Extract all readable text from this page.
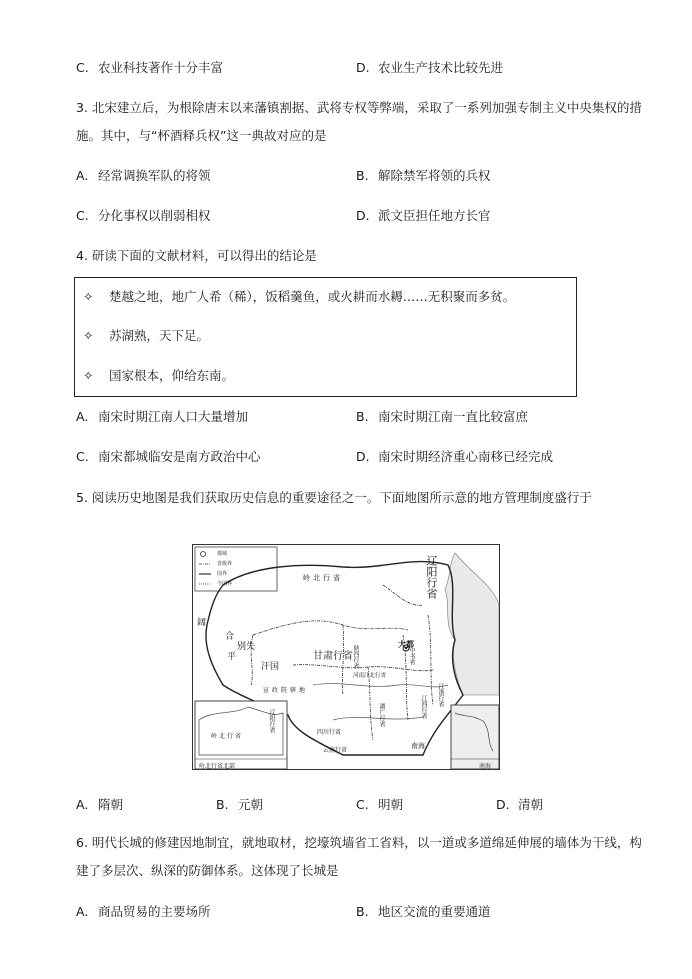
C. 农业科技著作十分丰富	D. 农业生产技术比较先进
3. 北宋建立后，为根除唐末以来藩镇割据、武将专权等弊端，采取了一系列加强专制主义中央集权的措施。其中，与“杯酒释兵权”这一典故对应的是
A. 经常调换军队的将领	B. 解除禁军将领的兵权
C. 分化事权以削弱相权	D. 派文臣担任地方长官
4. 研读下面的文献材料，可以得出的结论是
✧ 楚越之地，地广人希（稀），饭稻羹鱼，或火耕而水耨……无积聚而多贫。
✧ 苏湖熟，天下足。
✧ 国家根本，仰给东南。
A. 南宋时期江南人口大量增加	B. 南宋时期江南一直比较富庶
C. 南宋都城临安是南方政治中心	D. 南宋时期经济重心南移已经完成
5. 阅读历史地图是我们获取历史信息的重要途径之一。下面地图所示意的地方管理制度盛行于
都城
省级界
国界
今国界	辽阳行省
岭北行省
甘肃行省
大都
陕西行省
河南江北行省
中书省
江西行省
湖广行省
江浙行省
四川行省
云南行省
宣政院辖地
阔
合
别失
平
汗国
南海
岭北行省
辽阳行省
岭北行省北部	南海
A. 隋朝	B. 元朝	C. 明朝	D. 清朝
6. 明代长城的修建因地制宜，就地取材，挖壕筑墙省工省料，以一道或多道绵延伸展的墙体为干线，构建了多层次、纵深的防御体系。这体现了长城是
A. 商品贸易的主要场所	B. 地区交流的重要通道
